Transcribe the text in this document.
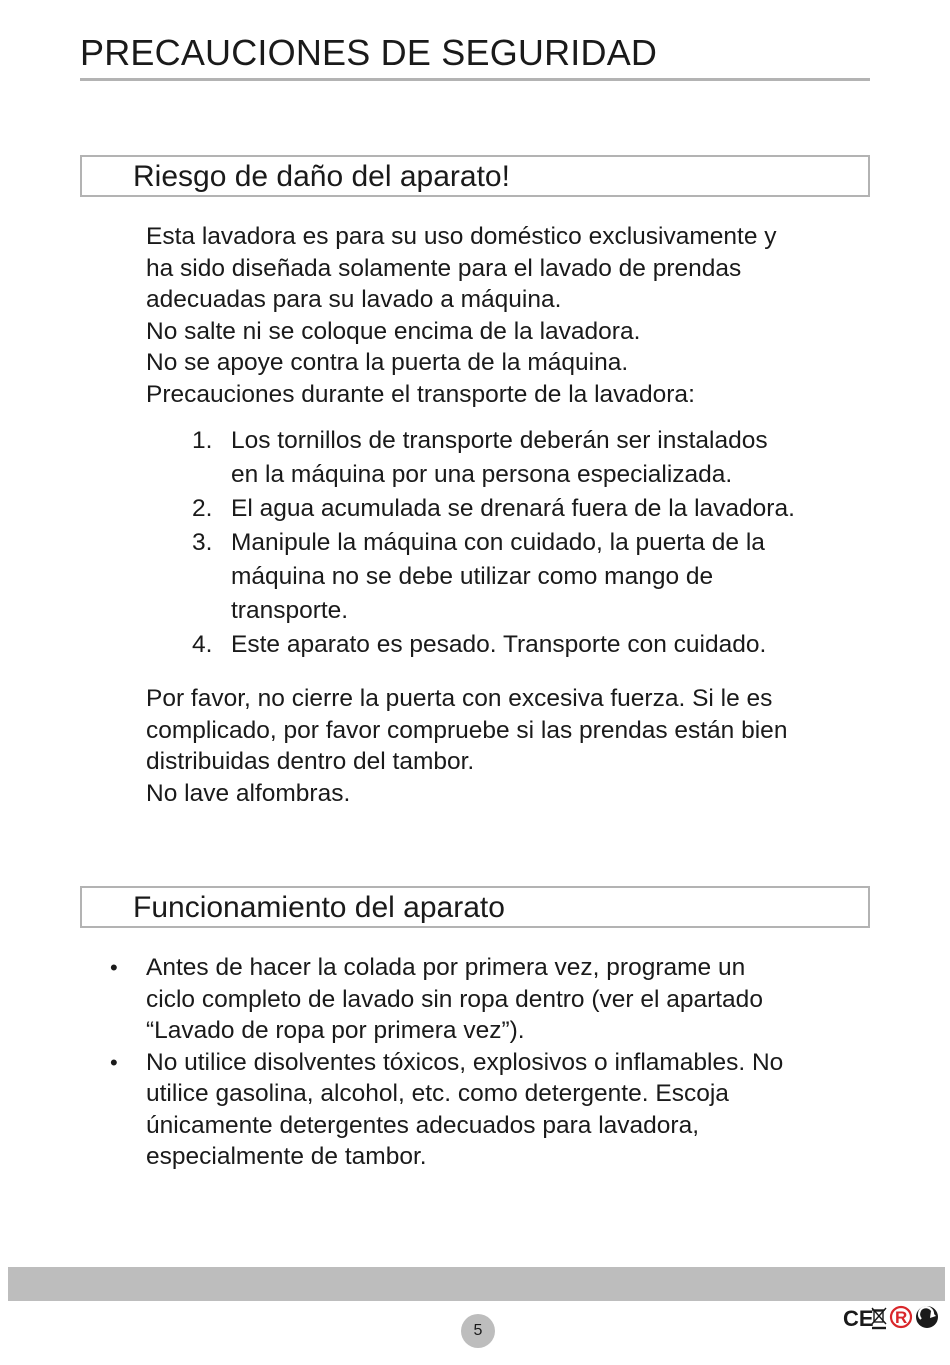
PRECAUCIONES DE SEGURIDAD
Riesgo de daño del aparato!
Esta lavadora es para su uso doméstico exclusivamente y
ha sido diseñada solamente para el lavado de prendas
adecuadas para su lavado a máquina.
No salte ni se coloque encima de la lavadora.
No se apoye contra la puerta de la máquina.
Precauciones durante el transporte de la lavadora:
1. Los tornillos de transporte deberán ser instalados
en la máquina por una persona especializada.
2. El agua acumulada se drenará fuera de la lavadora.
3. Manipule la máquina con cuidado, la puerta de la
máquina no se debe utilizar como mango de
transporte.
4. Este aparato es pesado. Transporte con cuidado.
Por favor, no cierre la puerta con excesiva fuerza. Si le es
complicado, por favor compruebe si las prendas están bien
distribuidas dentro del tambor.
No lave alfombras.
Funcionamiento del aparato
• Antes de hacer la colada por primera vez, programe un
ciclo completo de lavado sin ropa dentro (ver el apartado
“Lavado de ropa por primera vez”).
• No utilice disolventes tóxicos, explosivos o inflamables. No
utilice gasolina, alcohol, etc. como detergente. Escoja
únicamente detergentes adecuados para lavadora,
especialmente de tambor.
5	CE R
